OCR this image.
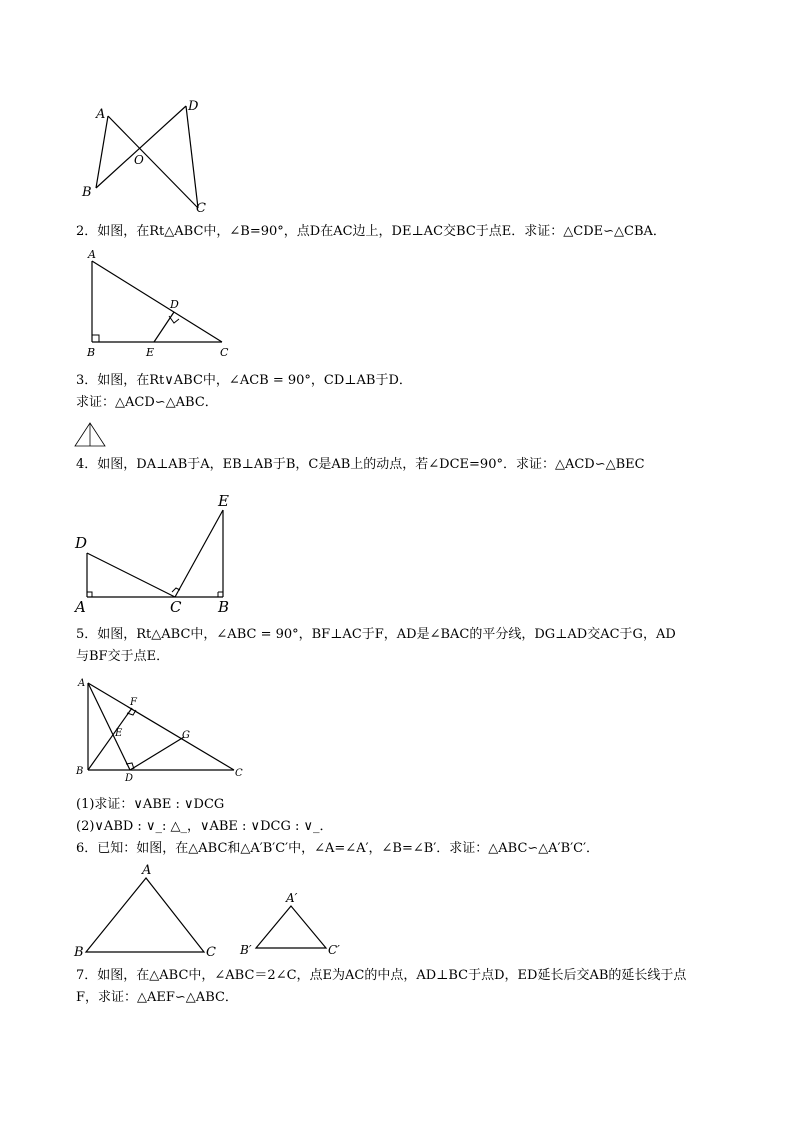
A
B
C
D
O
2．如图，在Rt△ABC中，∠B=90°，点D在AC边上，DE⊥AC交BC于点E．求证：△CDE∽△CBA．
A
B	C
D
E
3．如图，在Rt∨ABC中，∠ACB = 90°，CD⊥AB于D．
求证：△ACD∽△ABC．
4．如图，DA⊥AB于A，EB⊥AB于B，C是AB上的动点，若∠DCE=90°．求证：△ACD∽△BEC
D
A	C B
E
5．如图，Rt△ABC中，∠ABC = 90°，BF⊥AC于F，AD是∠BAC的平分线，DG⊥AD交AC于G，AD
与BF交于点E．
A
B	C
D
E
F
G
(1)求证：∨ABE : ∨DCG
(2)∨ABD : ∨_: △_，∨ABE : ∨DCG : ∨_．
6．已知：如图，在△ABC和△A′B′C′中，∠A=∠A′，∠B=∠B′．求证：△ABC∽△A′B′C′．
A
B	C
A′
B′	C′
7．如图，在△ABC中，∠ABC＝2∠C，点E为AC的中点，AD⊥BC于点D，ED延长后交AB的延长线于点
F，求证：△AEF∽△ABC．
